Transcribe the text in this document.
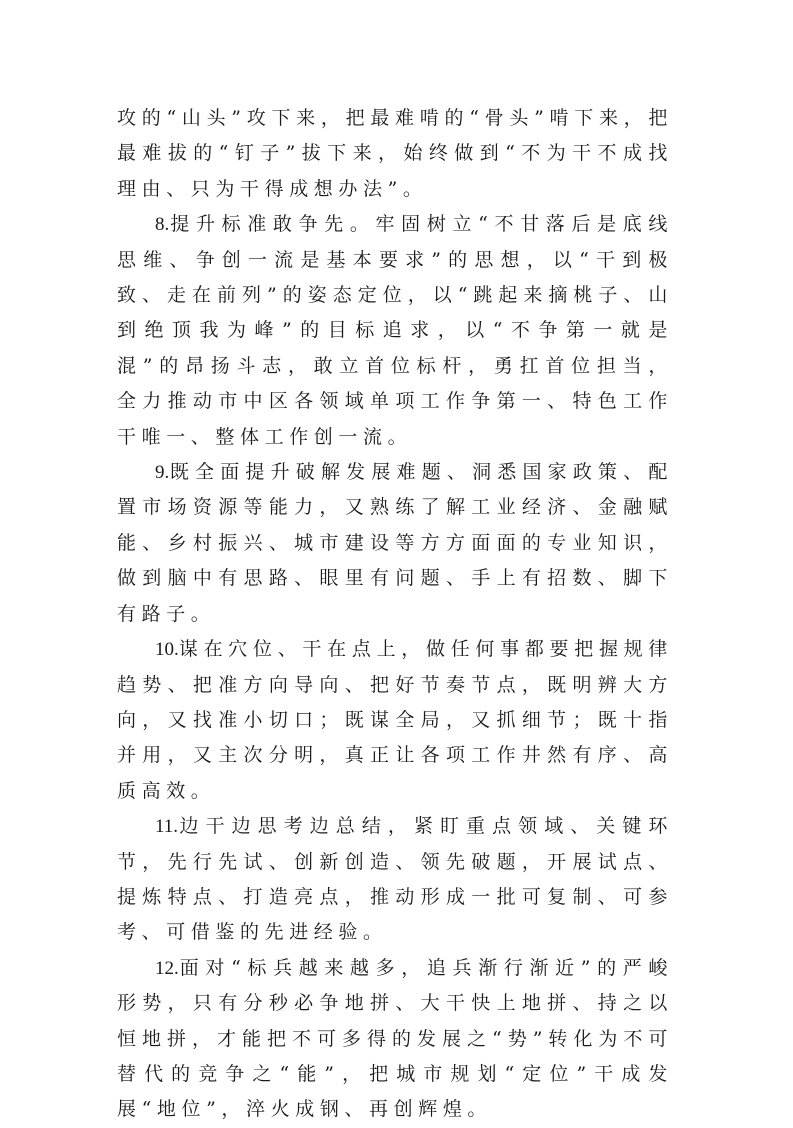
攻的“山头”攻下来，把最难啃的“骨头”啃下来，把最难拔的“钉子”拔下来，始终做到“不为干不成找理由、只为干得成想办法”。

8.提升标准敢争先。牢固树立“不甘落后是底线思维、争创一流是基本要求”的思想，以“干到极致、走在前列”的姿态定位，以“跳起来摘桃子、山到绝顶我为峰”的目标追求，以“不争第一就是混”的昂扬斗志，敢立首位标杆，勇扛首位担当，全力推动市中区各领域单项工作争第一、特色工作干唯一、整体工作创一流。

9.既全面提升破解发展难题、洞悉国家政策、配置市场资源等能力，又熟练了解工业经济、金融赋能、乡村振兴、城市建设等方方面面的专业知识，做到脑中有思路、眼里有问题、手上有招数、脚下有路子。

10.谋在穴位、干在点上，做任何事都要把握规律趋势、把准方向导向、把好节奏节点，既明辨大方向，又找准小切口；既谋全局，又抓细节；既十指并用，又主次分明，真正让各项工作井然有序、高质高效。

11.边干边思考边总结，紧盯重点领域、关键环节，先行先试、创新创造、领先破题，开展试点、提炼特点、打造亮点，推动形成一批可复制、可参考、可借鉴的先进经验。

12.面对“标兵越来越多，追兵渐行渐近”的严峻形势，只有分秒必争地拼、大干快上地拼、持之以恒地拼，才能把不可多得的发展之“势”转化为不可替代的竞争之“能”，把城市规划“定位”干成发展“地位”，淬火成钢、再创辉煌。
